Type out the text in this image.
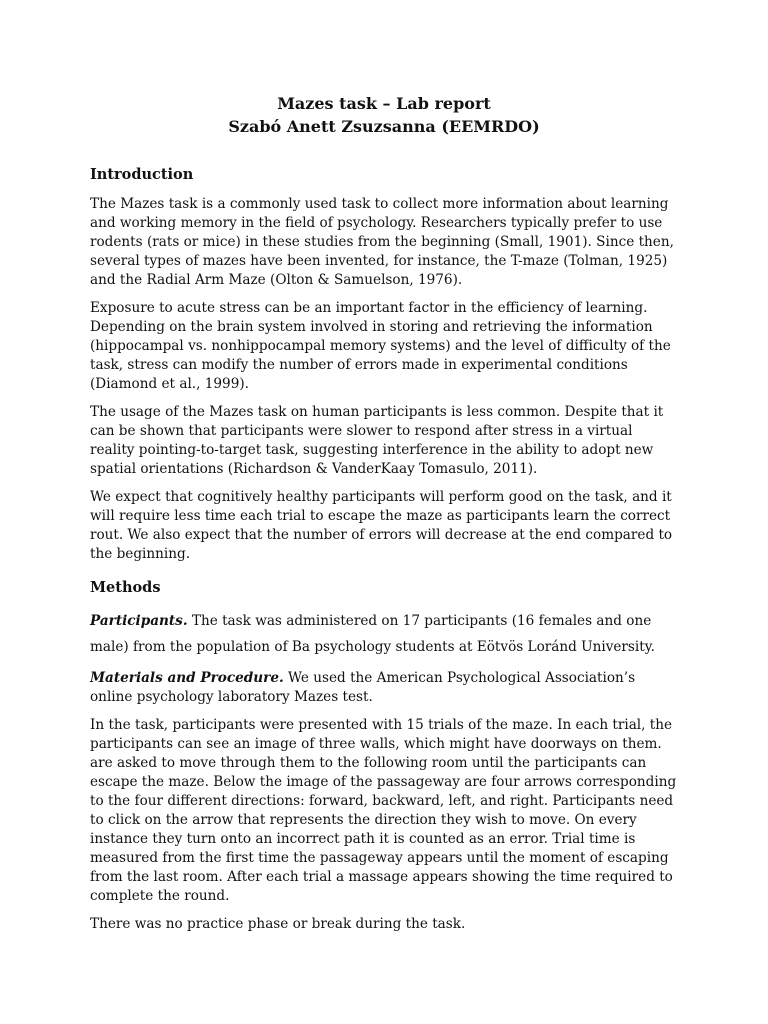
Mazes task – Lab report
Szabó Anett Zsuzsanna (EEMRDO)
Introduction

The Mazes task is a commonly used task to collect more information about learning and working memory in the field of psychology. Researchers typically prefer to use rodents (rats or mice) in these studies from the beginning (Small, 1901). Since then, several types of mazes have been invented, for instance, the T-maze (Tolman, 1925) and the Radial Arm Maze (Olton & Samuelson, 1976).

Exposure to acute stress can be an important factor in the efficiency of learning. Depending on the brain system involved in storing and retrieving the information (hippocampal vs. nonhippocampal memory systems) and the level of difficulty of the task, stress can modify the number of errors made in experimental conditions (Diamond et al., 1999).

The usage of the Mazes task on human participants is less common. Despite that it can be shown that participants were slower to respond after stress in a virtual reality pointing-to-target task, suggesting interference in the ability to adopt new spatial orientations (Richardson & VanderKaay Tomasulo, 2011).

We expect that cognitively healthy participants will perform good on the task, and it will require less time each trial to escape the maze as participants learn the correct rout. We also expect that the number of errors will decrease at the end compared to the beginning.

Methods

Participants. The task was administered on 17 participants (16 females and one male) from the population of Ba psychology students at Eötvös Loránd University.

Materials and Procedure. We used the American Psychological Association’s online psychology laboratory Mazes test.

In the task, participants were presented with 15 trials of the maze. In each trial, the participants can see an image of three walls, which might have doorways on them. are asked to move through them to the following room until the participants can escape the maze. Below the image of the passageway are four arrows corresponding to the four different directions: forward, backward, left, and right. Participants need to click on the arrow that represents the direction they wish to move. On every instance they turn onto an incorrect path it is counted as an error. Trial time is measured from the first time the passageway appears until the moment of escaping from the last room. After each trial a massage appears showing the time required to complete the round.

There was no practice phase or break during the task.
